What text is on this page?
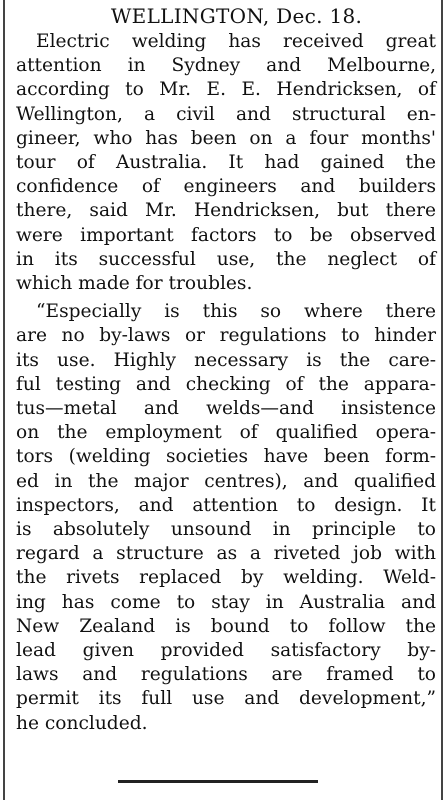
WELLINGTON, Dec. 18.
Electric welding has received great
attention in Sydney and Melbourne,
according to Mr. E. E. Hendricksen, of
Wellington, a civil and structural en-
gineer, who has been on a four months'
tour of Australia. It had gained the
confidence of engineers and builders
there, said Mr. Hendricksen, but there
were important factors to be observed
in its successful use, the neglect of
which made for troubles.
“Especially is this so where there
are no by-laws or regulations to hinder
its use. Highly necessary is the care-
ful testing and checking of the appara-
tus—metal and welds—and insistence
on the employment of qualified opera-
tors (welding societies have been form-
ed in the major centres), and qualified
inspectors, and attention to design. It
is absolutely unsound in principle to
regard a structure as a riveted job with
the rivets replaced by welding. Weld-
ing has come to stay in Australia and
New Zealand is bound to follow the
lead given provided satisfactory by-
laws and regulations are framed to
permit its full use and development,”
he concluded.
